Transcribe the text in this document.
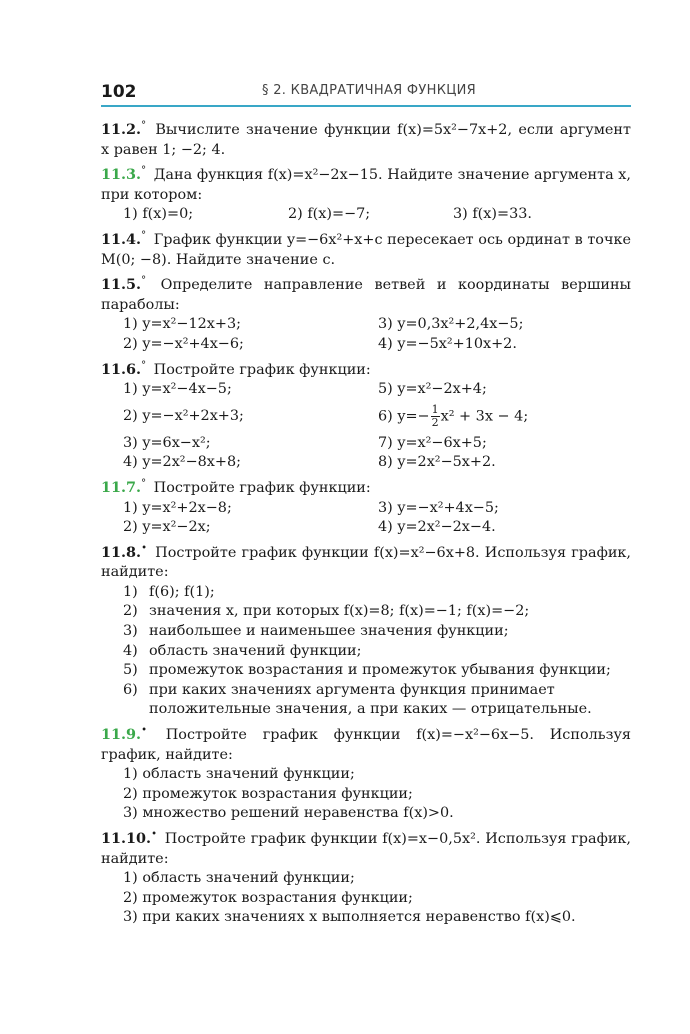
102	§ 2. КВАДРАТИЧНАЯ ФУНКЦИЯ
11.2.° Вычислите значение функции f(x)=5x²−7x+2, если аргумент x равен 1; −2; 4.
11.3.° Дана функция f(x)=x²−2x−15. Найдите значение аргумента x, при котором:
1) f(x)=0;	2) f(x)=−7;	3) f(x)=33.
11.4.° График функции y=−6x²+x+c пересекает ось ординат в точке M(0; −8). Найдите значение c.
11.5.° Определите направление ветвей и координаты вершины параболы:
1) y=x²−12x+3;	3) y=0,3x²+2,4x−5;
2) y=−x²+4x−6;	4) y=−5x²+10x+2.
11.6.° Постройте график функции:
1) y=x²−4x−5;	5) y=x²−2x+4;
2) y=−x²+2x+3;	6) $y=- \frac{1}{2} x^2 + 3x - 4$;
3) y=6x−x²;	7) y=x²−6x+5;
4) y=2x²−8x+8;	8) y=2x²−5x+2.
11.7.° Постройте график функции:
1) y=x²+2x−8;	3) y=−x²+4x−5;
2) y=x²−2x;	4) y=2x²−2x−4.
11.8.• Постройте график функции f(x)=x²−6x+8. Используя график, найдите:
1) f(6); f(1);
2) значения x, при которых f(x)=8; f(x)=−1; f(x)=−2;
3) наибольшее и наименьшее значения функции;
4) область значений функции;
5) промежуток возрастания и промежуток убывания функции;
6) при каких значениях аргумента функция принимает положительные значения, а при каких — отрицательные.
11.9.• Постройте график функции f(x)=−x²−6x−5. Используя график, найдите:
1) область значений функции;
2) промежуток возрастания функции;
3) множество решений неравенства f(x)>0.
11.10.• Постройте график функции f(x)=x−0,5x². Используя график, найдите:
1) область значений функции;
2) промежуток возрастания функции;
3) при каких значениях x выполняется неравенство f(x)⩽0.
